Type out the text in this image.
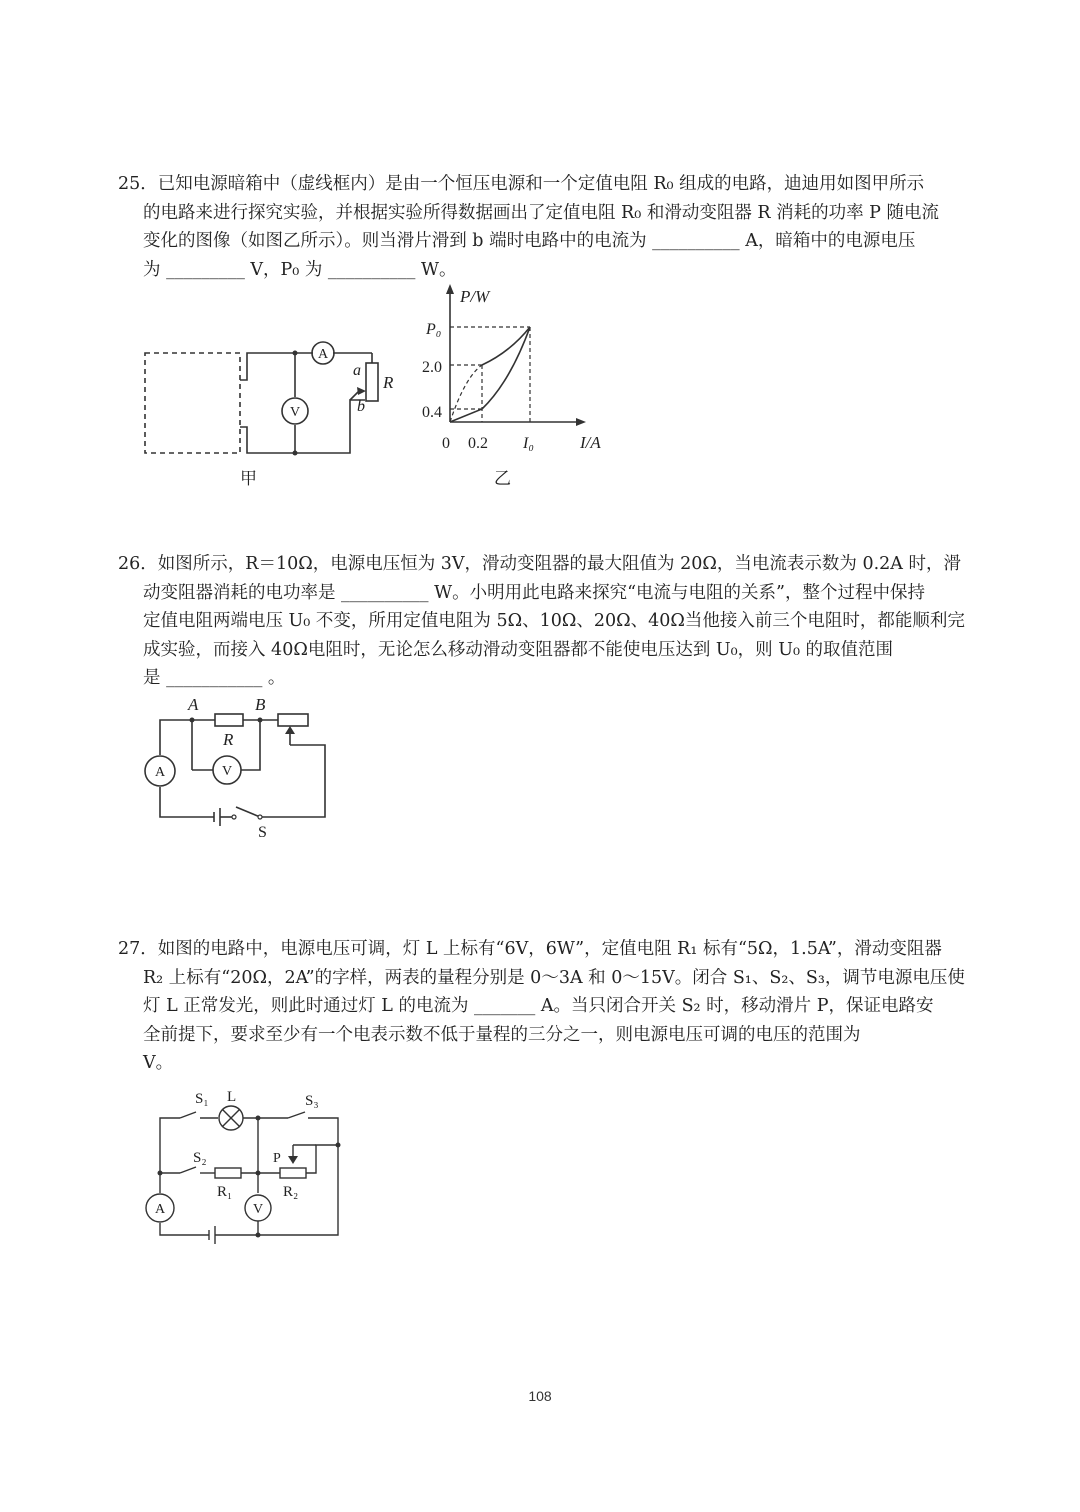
25．已知电源暗箱中（虚线框内）是由一个恒压电源和一个定值电阻 R₀ 组成的电路，迪迪用如图甲所示
的电路来进行探究实验，并根据实验所得数据画出了定值电阻 R₀ 和滑动变阻器 R 消耗的功率 P 随电流
变化的图像（如图乙所示）。则当滑片滑到 b 端时电路中的电流为 __________ A，暗箱中的电源电压
为 _________ V，P₀ 为 __________ W。
A
V
a
b
R
甲
P/W
I/A
P₀
2.0
0.4
0 0.2 I₀
乙
26．如图所示，R＝10Ω，电源电压恒为 3V，滑动变阻器的最大阻值为 20Ω，当电流表示数为 0.2A 时，滑
动变阻器消耗的电功率是 __________ W。小明用此电路来探究“电流与电阻的关系”，整个过程中保持
定值电阻两端电压 U₀ 不变，所用定值电阻为 5Ω、10Ω、20Ω、40Ω当他接入前三个电阻时，都能顺利完
成实验，而接入 40Ω电阻时，无论怎么移动滑动变阻器都不能使电压达到 U₀，则 U₀ 的取值范围
是 ___________ 。
A	B
R
A	V
S
27．如图的电路中，电源电压可调，灯 L 上标有“6V，6W”，定值电阻 R₁ 标有“5Ω，1.5A”，滑动变阻器
R₂ 上标有“20Ω，2A”的字样，两表的量程分别是 0～3A 和 0～15V。闭合 S₁、S₂、S₃，调节电源电压使
灯 L 正常发光，则此时通过灯 L 的电流为 _______ A。当只闭合开关 S₂ 时，移动滑片 P，保证电路安
全前提下，要求至少有一个电表示数不低于量程的三分之一，则电源电压可调的电压的范围为
V。
S₁ L	S₃
S₂	P
R₁	R₂
A	V
108
